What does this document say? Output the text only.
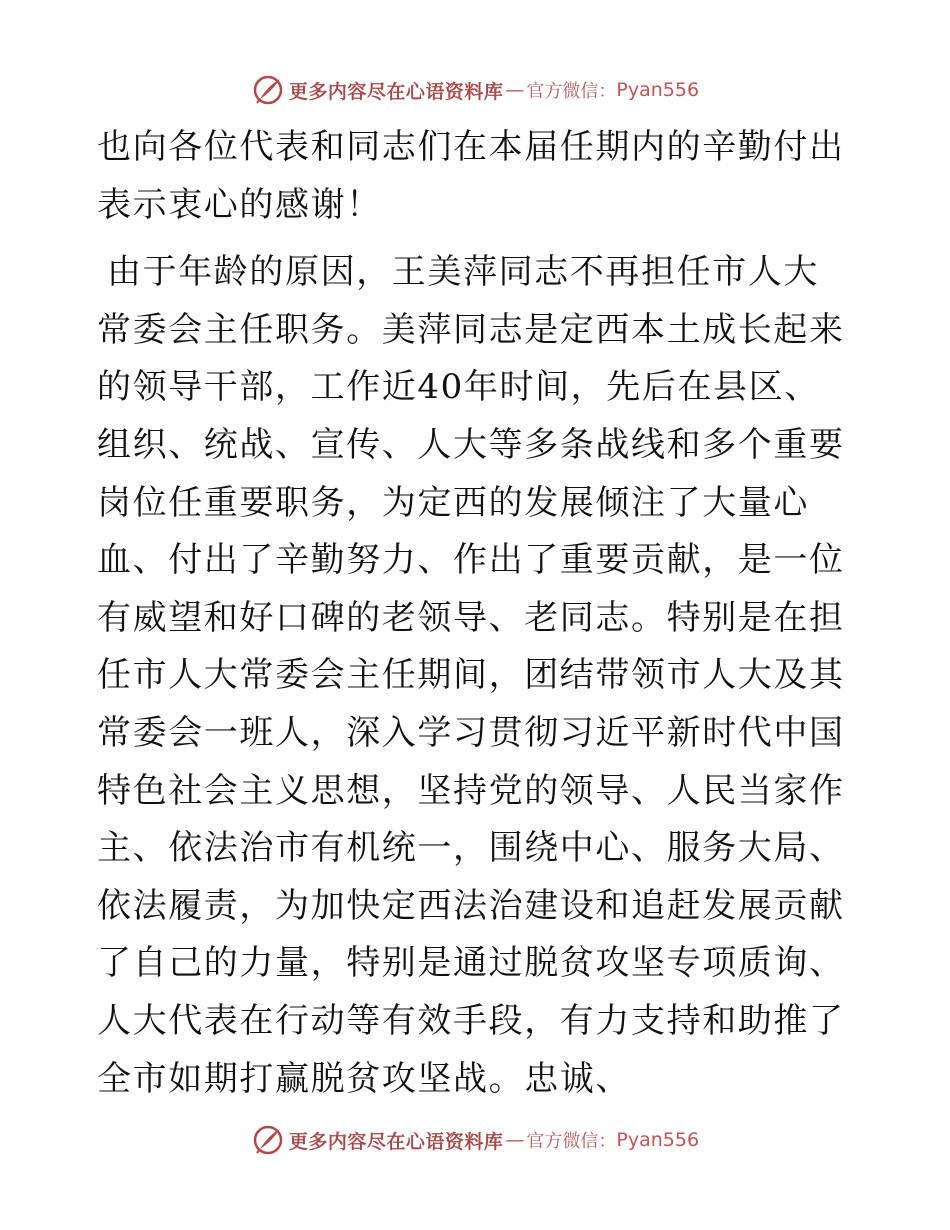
更多内容尽在心语资料库 — 官方微信： Pyan556

也向各位代表和同志们在本届任期内的辛勤付出表示衷心的感谢！

由于年龄的原因，王美萍同志不再担任市人大常委会主任职务。美萍同志是定西本土成长起来的领导干部，工作近40年时间，先后在县区、组织、统战、宣传、人大等多条战线和多个重要岗位任重要职务，为定西的发展倾注了大量心血、付出了辛勤努力、作出了重要贡献，是一位有威望和好口碑的老领导、老同志。特别是在担任市人大常委会主任期间，团结带领市人大及其常委会一班人，深入学习贯彻习近平新时代中国特色社会主义思想，坚持党的领导、人民当家作主、依法治市有机统一，围绕中心、服务大局、依法履责，为加快定西法治建设和追赶发展贡献了自己的力量，特别是通过脱贫攻坚专项质询、人大代表在行动等有效手段，有力支持和助推了全市如期打赢脱贫攻坚战。忠诚、

更多内容尽在心语资料库 — 官方微信： Pyan556
